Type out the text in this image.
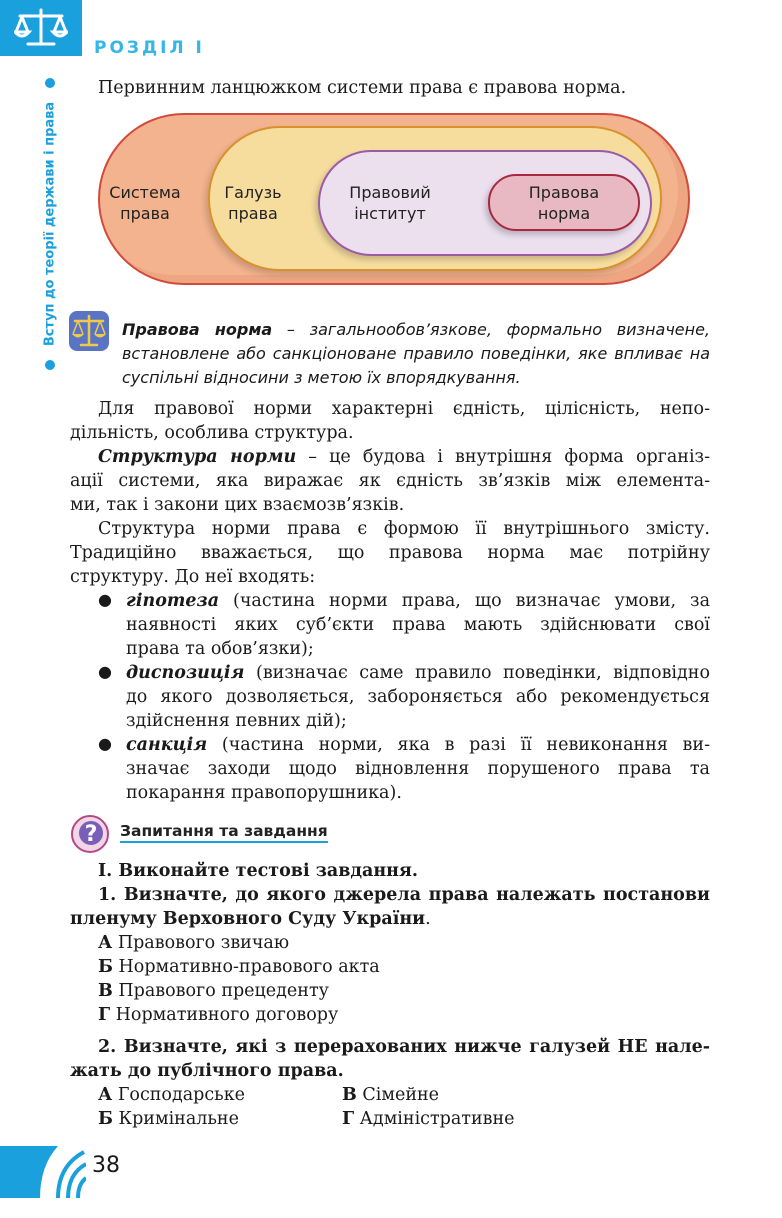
РОЗДІЛ I
Вступ до теорії держави і права
Первинним ланцюжком системи права є правова норма.
Система
права
Галузь
права
Правовий
інститут
Правова
норма
Правова норма – загальнообов’язкове, формально визначене, встановлене або санкціоноване правило поведінки, яке впливає на суспільні відносини з метою їх впорядкування.
Для правової норми характерні єдність, цілісність, непо-
дільність, особлива структура.
Структура норми – це будова і внутрішня форма організ-
ації системи, яка виражає як єдність зв’язків між елемента-
ми, так і закони цих взаємозв’язків.
Структура норми права є формою її внутрішнього змісту.
Традиційно вважається, що правова норма має потрійну
структуру. До неї входять:
● гіпотеза (частина норми права, що визначає умови, за
наявності яких суб’єкти права мають здійснювати свої
права та обов’язки);
● диспозиція (визначає саме правило поведінки, відповідно
до якого дозволяється, забороняється або рекомендується
здійснення певних дій);
● санкція (частина норми, яка в разі її невиконання ви-
значає заходи щодо відновлення порушеного права та
покарання правопорушника).
? Запитання та завдання
I. Виконайте тестові завдання.
1. Визначте, до якого джерела права належать постанови
пленуму Верховного Суду України.
А Правового звичаю
Б Нормативно-правового акта
В Правового прецеденту
Г Нормативного договору
2. Визначте, які з перерахованих нижче галузей НЕ нале-
жать до публічного права.
А Господарське	В Сімейне
Б Кримінальне	Г Адміністративне
38
